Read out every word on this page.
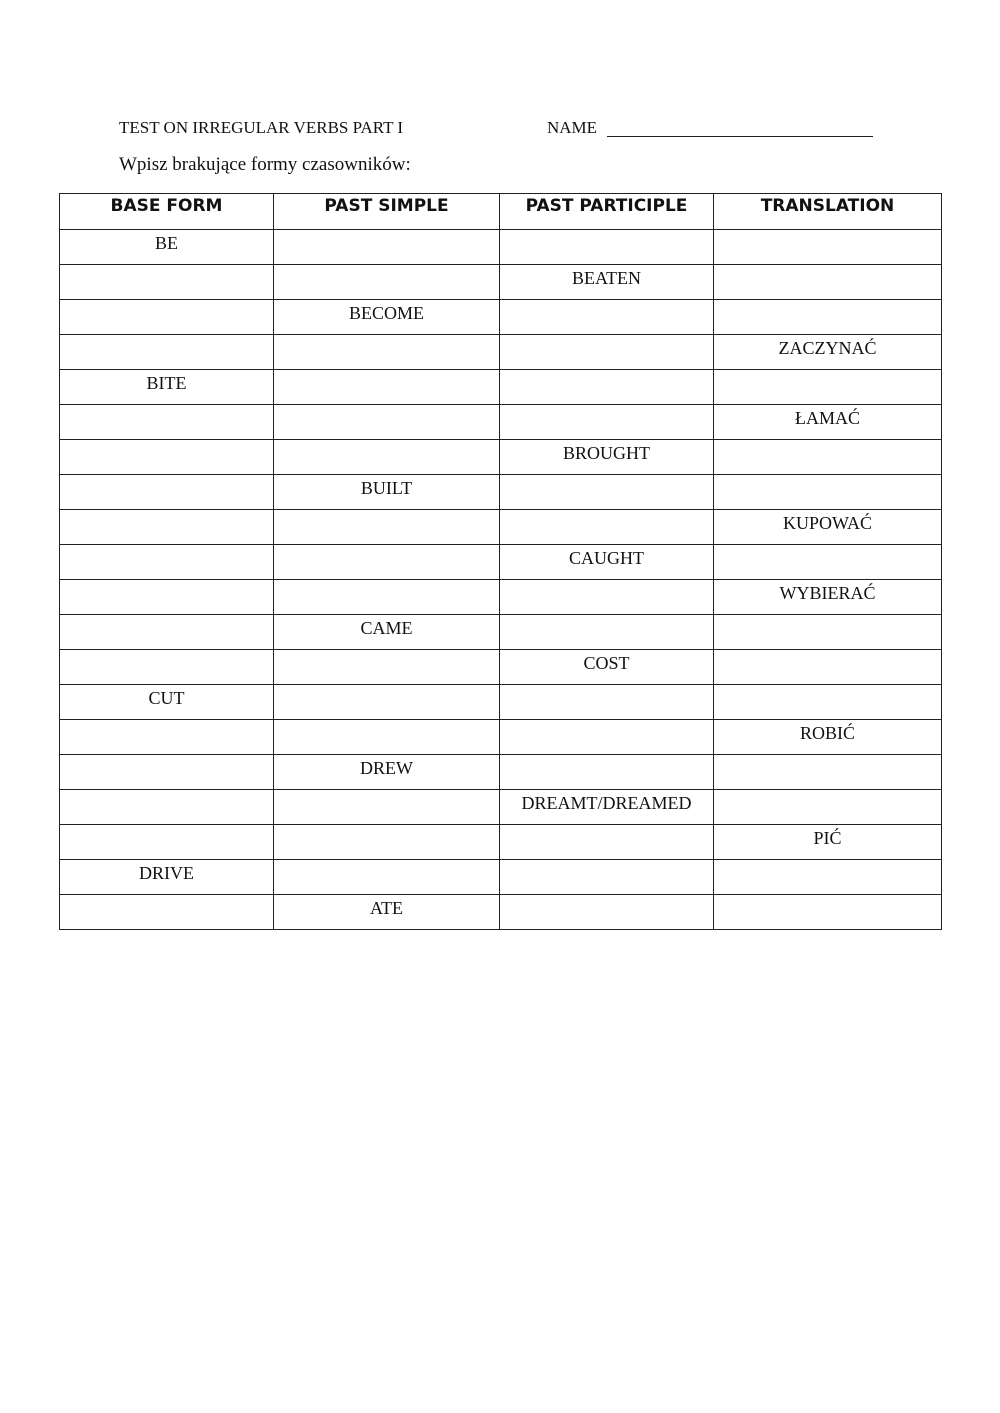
TEST ON IRREGULAR VERBS PART I	NAME
Wpisz brakujące formy czasowników:
BASE FORM	PAST SIMPLE	PAST PARTICIPLE	TRANSLATION
BE			
		BEATEN	
	BECOME		
			ZACZYNAĆ
BITE			
			ŁAMAĆ
		BROUGHT	
	BUILT		
			KUPOWAĆ
		CAUGHT	
			WYBIERAĆ
	CAME		
		COST	
CUT			
			ROBIĆ
	DREW		
		DREAMT/DREAMED	
			PIĆ
DRIVE			
	ATE		
